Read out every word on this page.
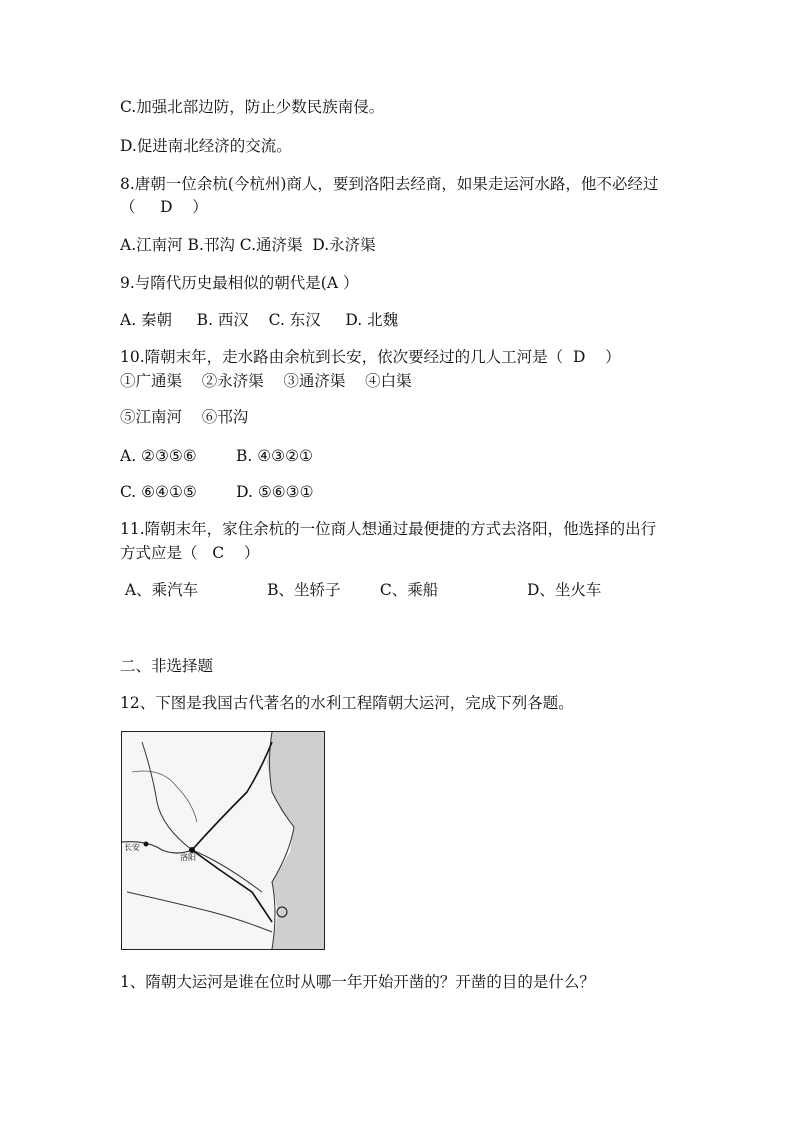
C.加强北部边防，防止少数民族南侵。
D.促进南北经济的交流。
8.唐朝一位余杭(今杭州)商人，要到洛阳去经商，如果走运河水路，他不必经过
（     D    ）
A.江南河 B.邗沟 C.通济渠  D.永济渠
9.与隋代历史最相似的朝代是(A ）
A. 秦朝     B. 西汉    C. 东汉     D. 北魏
10.隋朝末年，走水路由余杭到长安，依次要经过的几人工河是（  D    ）
①广通渠    ②永济渠    ③通济渠    ④白渠
⑤江南河    ⑥邗沟
A. ②③⑤⑥        B. ④③②①
C. ⑥④①⑤        D. ⑤⑥③①
11.隋朝末年，家住余杭的一位商人想通过最便捷的方式去洛阳，他选择的出行
方式应是（   C    ）
A、乘汽车              B、坐轿子        C、乘船                  D、坐火车
二、非选择题
12、下图是我国古代著名的水利工程隋朝大运河，完成下列各题。
长安
洛阳
1、隋朝大运河是谁在位时从哪一年开始开凿的？开凿的目的是什么？
